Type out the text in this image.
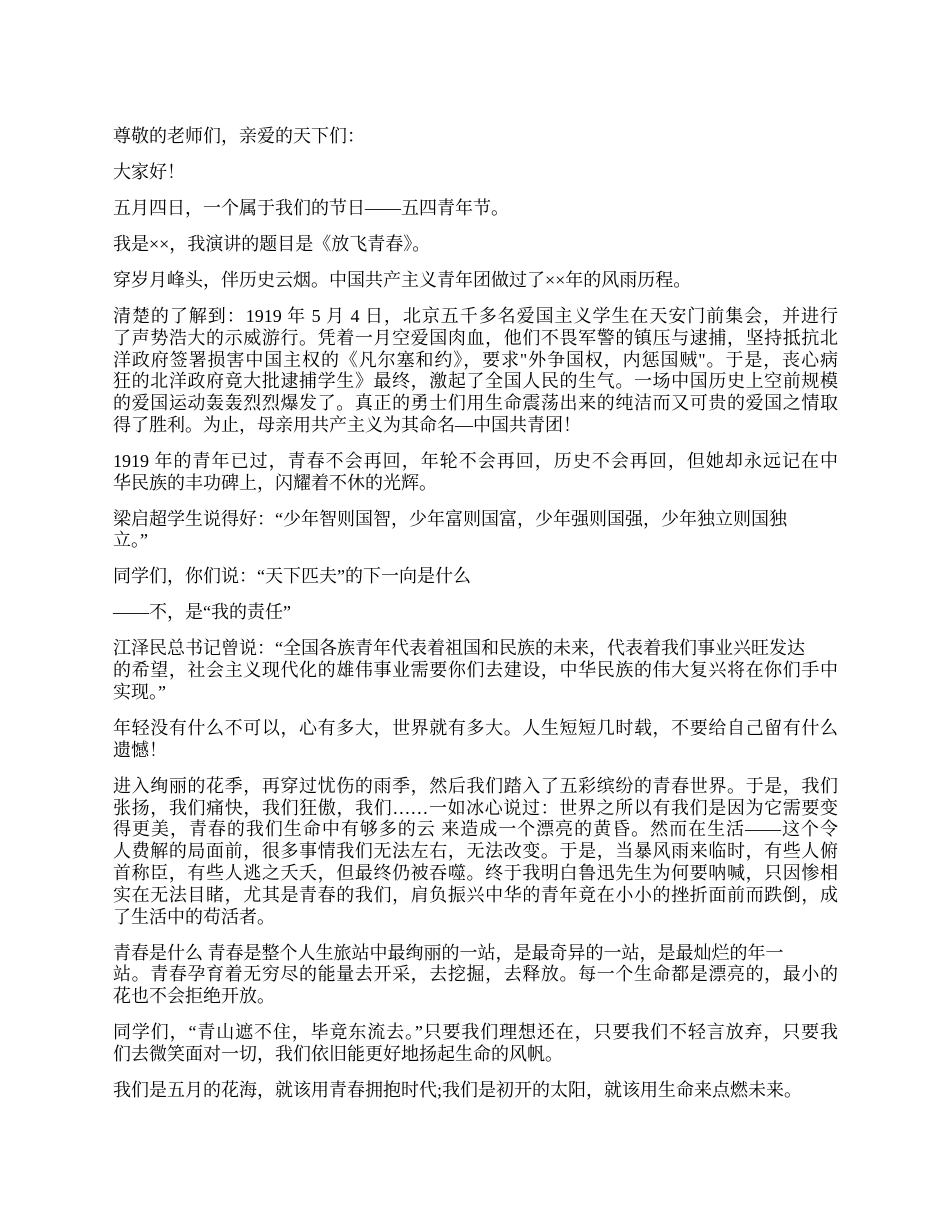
尊敬的老师们，亲爱的天下们：
大家好！
五月四日，一个属于我们的节日——五四青年节。
我是××，我演讲的题目是《放飞青春》。
穿岁月峰头，伴历史云烟。中国共产主义青年团做过了××年的风雨历程。
清楚的了解到：1919 年 5 月 4 日，北京五千多名爱国主义学生在天安门前集会，并进行
了声势浩大的示威游行。凭着一月空爱国肉血，他们不畏军警的镇压与逮捕，坚持抵抗北
洋政府签署损害中国主权的《凡尔塞和约》，要求"外争国权，内惩国贼"。于是，丧心病
狂的北洋政府竟大批逮捕学生》最终，激起了全国人民的生气。一场中国历史上空前规模
的爱国运动轰轰烈烈爆发了。真正的勇士们用生命震荡出来的纯洁而又可贵的爱国之情取
得了胜利。为止，母亲用共产主义为其命名—中国共青团！
1919 年的青年已过，青春不会再回，年轮不会再回，历史不会再回，但她却永远记在中
华民族的丰功碑上，闪耀着不休的光辉。
梁启超学生说得好：“少年智则国智，少年富则国富，少年强则国强，少年独立则国独
立。”
同学们，你们说：“天下匹夫”的下一向是什么
——不，是“我的责任”
江泽民总书记曾说：“全国各族青年代表着祖国和民族的未来，代表着我们事业兴旺发达
的希望，社会主义现代化的雄伟事业需要你们去建设，中华民族的伟大复兴将在你们手中
实现。”
年轻没有什么不可以，心有多大，世界就有多大。人生短短几时载，不要给自己留有什么
遗憾！
进入绚丽的花季，再穿过忧伤的雨季，然后我们踏入了五彩缤纷的青春世界。于是，我们
张扬，我们痛快，我们狂傲，我们……一如冰心说过：世界之所以有我们是因为它需要变
得更美，青春的我们生命中有够多的云 来造成一个漂亮的黄昏。然而在生活——这个令
人费解的局面前，很多事情我们无法左右，无法改变。于是，当暴风雨来临时，有些人俯
首称臣，有些人逃之夭夭，但最终仍被吞噬。终于我明白鲁迅先生为何要呐喊，只因惨相
实在无法目睹，尤其是青春的我们，肩负振兴中华的青年竟在小小的挫折面前而跌倒，成
了生活中的苟活者。
青春是什么 青春是整个人生旅站中最绚丽的一站，是最奇异的一站，是最灿烂的年一
站。青春孕育着无穷尽的能量去开采，去挖掘，去释放。每一个生命都是漂亮的，最小的
花也不会拒绝开放。
同学们，“青山遮不住，毕竟东流去。”只要我们理想还在，只要我们不轻言放弃，只要我
们去微笑面对一切，我们依旧能更好地扬起生命的风帆。
我们是五月的花海，就该用青春拥抱时代;我们是初开的太阳，就该用生命来点燃未来。
